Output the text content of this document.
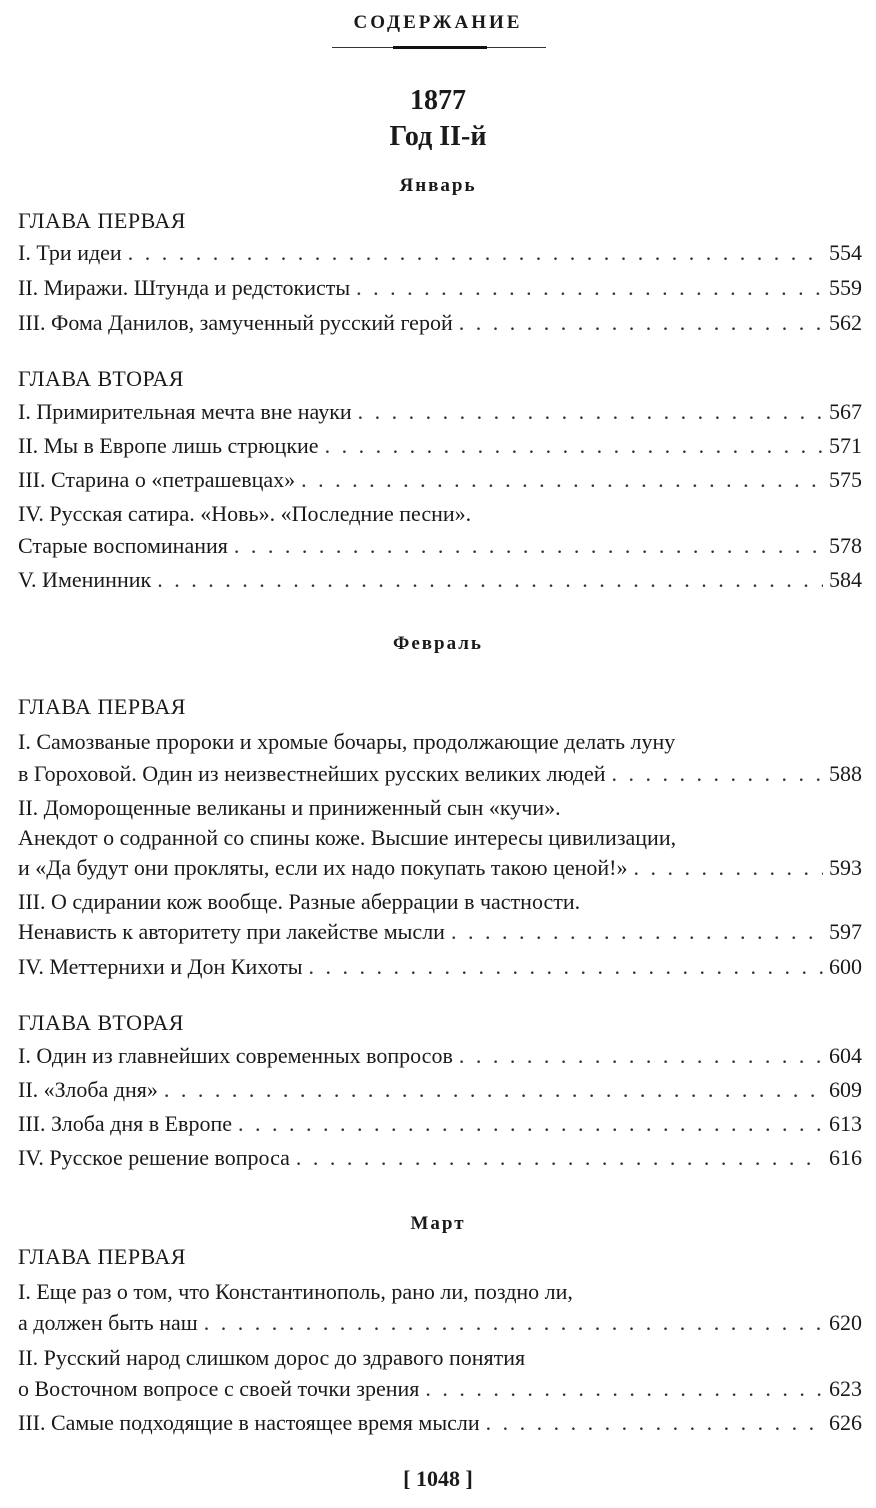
СОДЕРЖАНИЕ
1877
Год II-й
Январь
ГЛАВА ПЕРВАЯ
I. Три идеи . . .	554
II. Миражи. Штунда и редстокисты . . .	559
III. Фома Данилов, замученный русский герой . . .	562
ГЛАВА ВТОРАЯ
I. Примирительная мечта вне науки . . .	567
II. Мы в Европе лишь стрюцкие . . .	571
III. Старина о «петрашевцах» . . .	575
IV. Русская сатира. «Новь». «Последние песни».
Старые воспоминания . . .	578
V. Именинник . . .	584
Февраль
ГЛАВА ПЕРВАЯ
I. Самозваные пророки и хромые бочары, продолжающие делать луну
в Гороховой. Один из неизвестнейших русских великих людей . . .	588
II. Доморощенные великаны и приниженный сын «кучи».
Анекдот о содранной со спины коже. Высшие интересы цивилизации,
и «Да будут они прокляты, если их надо покупать такою ценой!» . . .	593
III. О сдирании кож вообще. Разные аберрации в частности.
Ненависть к авторитету при лакействе мысли . . .	597
IV. Меттернихи и Дон Кихоты . . .	600
ГЛАВА ВТОРАЯ
I. Один из главнейших современных вопросов . . .	604
II. «Злоба дня» . . .	609
III. Злоба дня в Европе . . .	613
IV. Русское решение вопроса . . .	616
Март
ГЛАВА ПЕРВАЯ
I. Еще раз о том, что Константинополь, рано ли, поздно ли,
а должен быть наш . . .	620
II. Русский народ слишком дорос до здравого понятия
о Восточном вопросе с своей точки зрения . . .	623
III. Самые подходящие в настоящее время мысли . . .	626
[ 1048 ]
